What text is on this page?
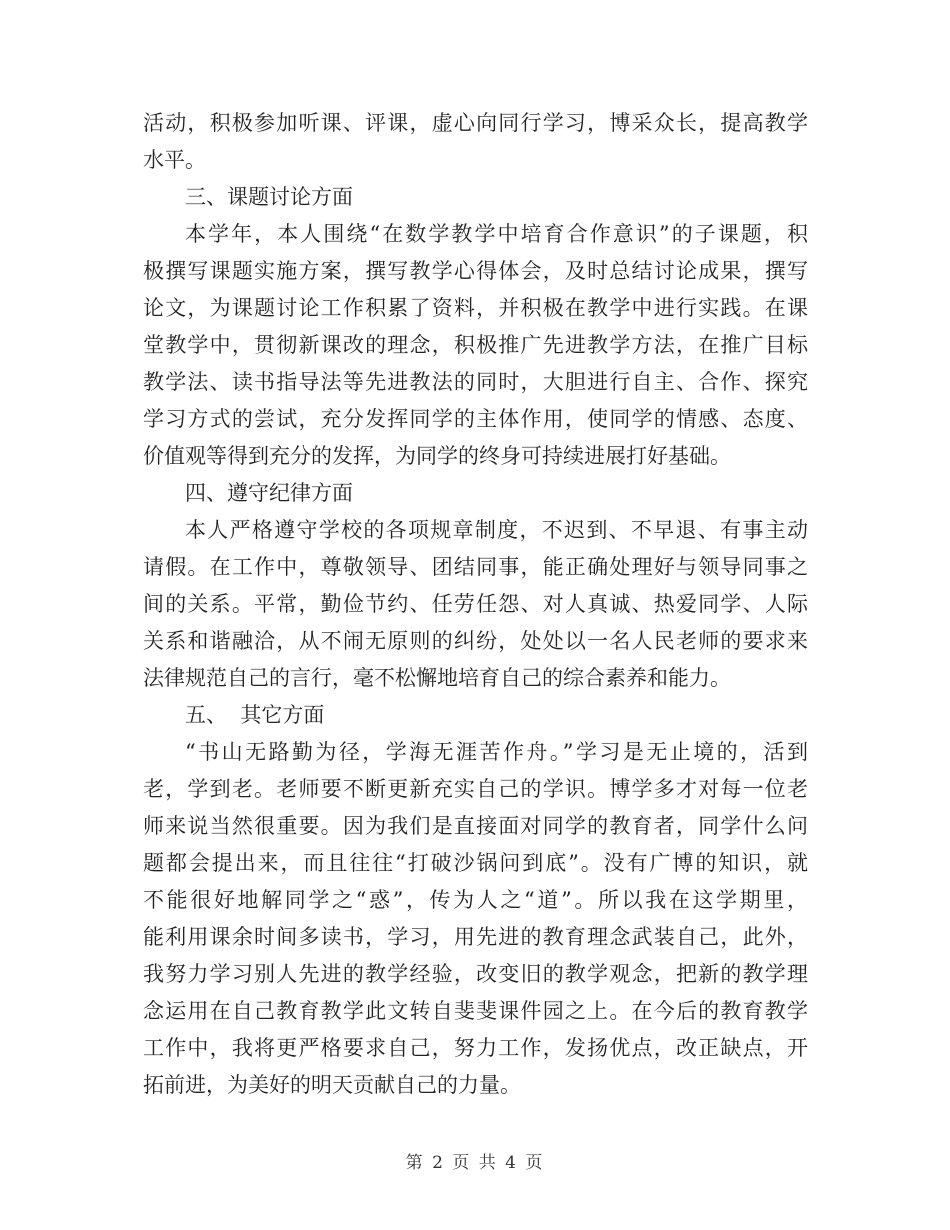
活动，积极参加听课、评课，虚心向同行学习，博采众长，提高教学
水平。
三、课题讨论方面
本学年，本人围绕“在数学教学中培育合作意识”的子课题，积
极撰写课题实施方案，撰写教学心得体会，及时总结讨论成果，撰写
论文，为课题讨论工作积累了资料，并积极在教学中进行实践。在课
堂教学中，贯彻新课改的理念，积极推广先进教学方法，在推广目标
教学法、读书指导法等先进教法的同时，大胆进行自主、合作、探究
学习方式的尝试，充分发挥同学的主体作用，使同学的情感、态度、
价值观等得到充分的发挥，为同学的终身可持续进展打好基础。
四、遵守纪律方面
本人严格遵守学校的各项规章制度，不迟到、不早退、有事主动
请假。在工作中，尊敬领导、团结同事，能正确处理好与领导同事之
间的关系。平常，勤俭节约、任劳任怨、对人真诚、热爱同学、人际
关系和谐融洽，从不闹无原则的纠纷，处处以一名人民老师的要求来
法律规范自己的言行，毫不松懈地培育自己的综合素养和能力。
五、  其它方面
“书山无路勤为径，学海无涯苦作舟。”学习是无止境的，活到
老，学到老。老师要不断更新充实自己的学识。博学多才对每一位老
师来说当然很重要。因为我们是直接面对同学的教育者，同学什么问
题都会提出来，而且往往“打破沙锅问到底”。没有广博的知识，就
不能很好地解同学之“惑”，传为人之“道”。所以我在这学期里，
能利用课余时间多读书，学习，用先进的教育理念武装自己，此外，
我努力学习别人先进的教学经验，改变旧的教学观念，把新的教学理
念运用在自己教育教学此文转自斐斐课件园之上。在今后的教育教学
工作中，我将更严格要求自己，努力工作，发扬优点，改正缺点，开
拓前进，为美好的明天贡献自己的力量。
第 2 页 共 4 页
